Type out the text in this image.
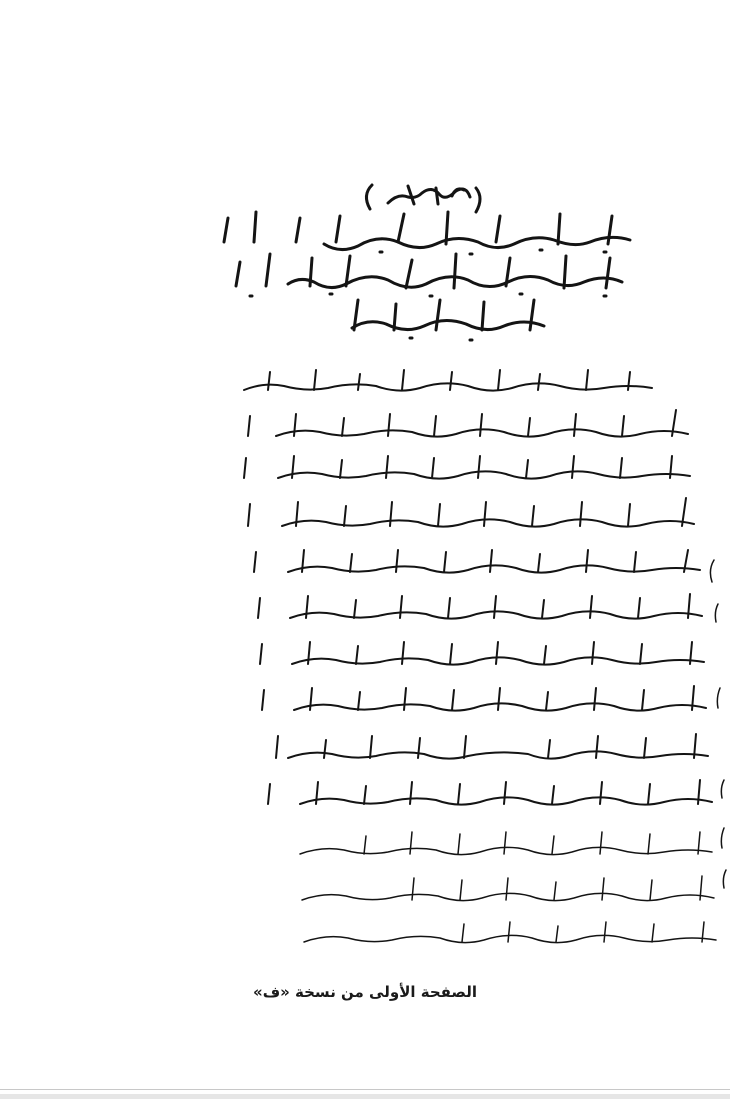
الصفحة الأولى من نسخة «ف»
